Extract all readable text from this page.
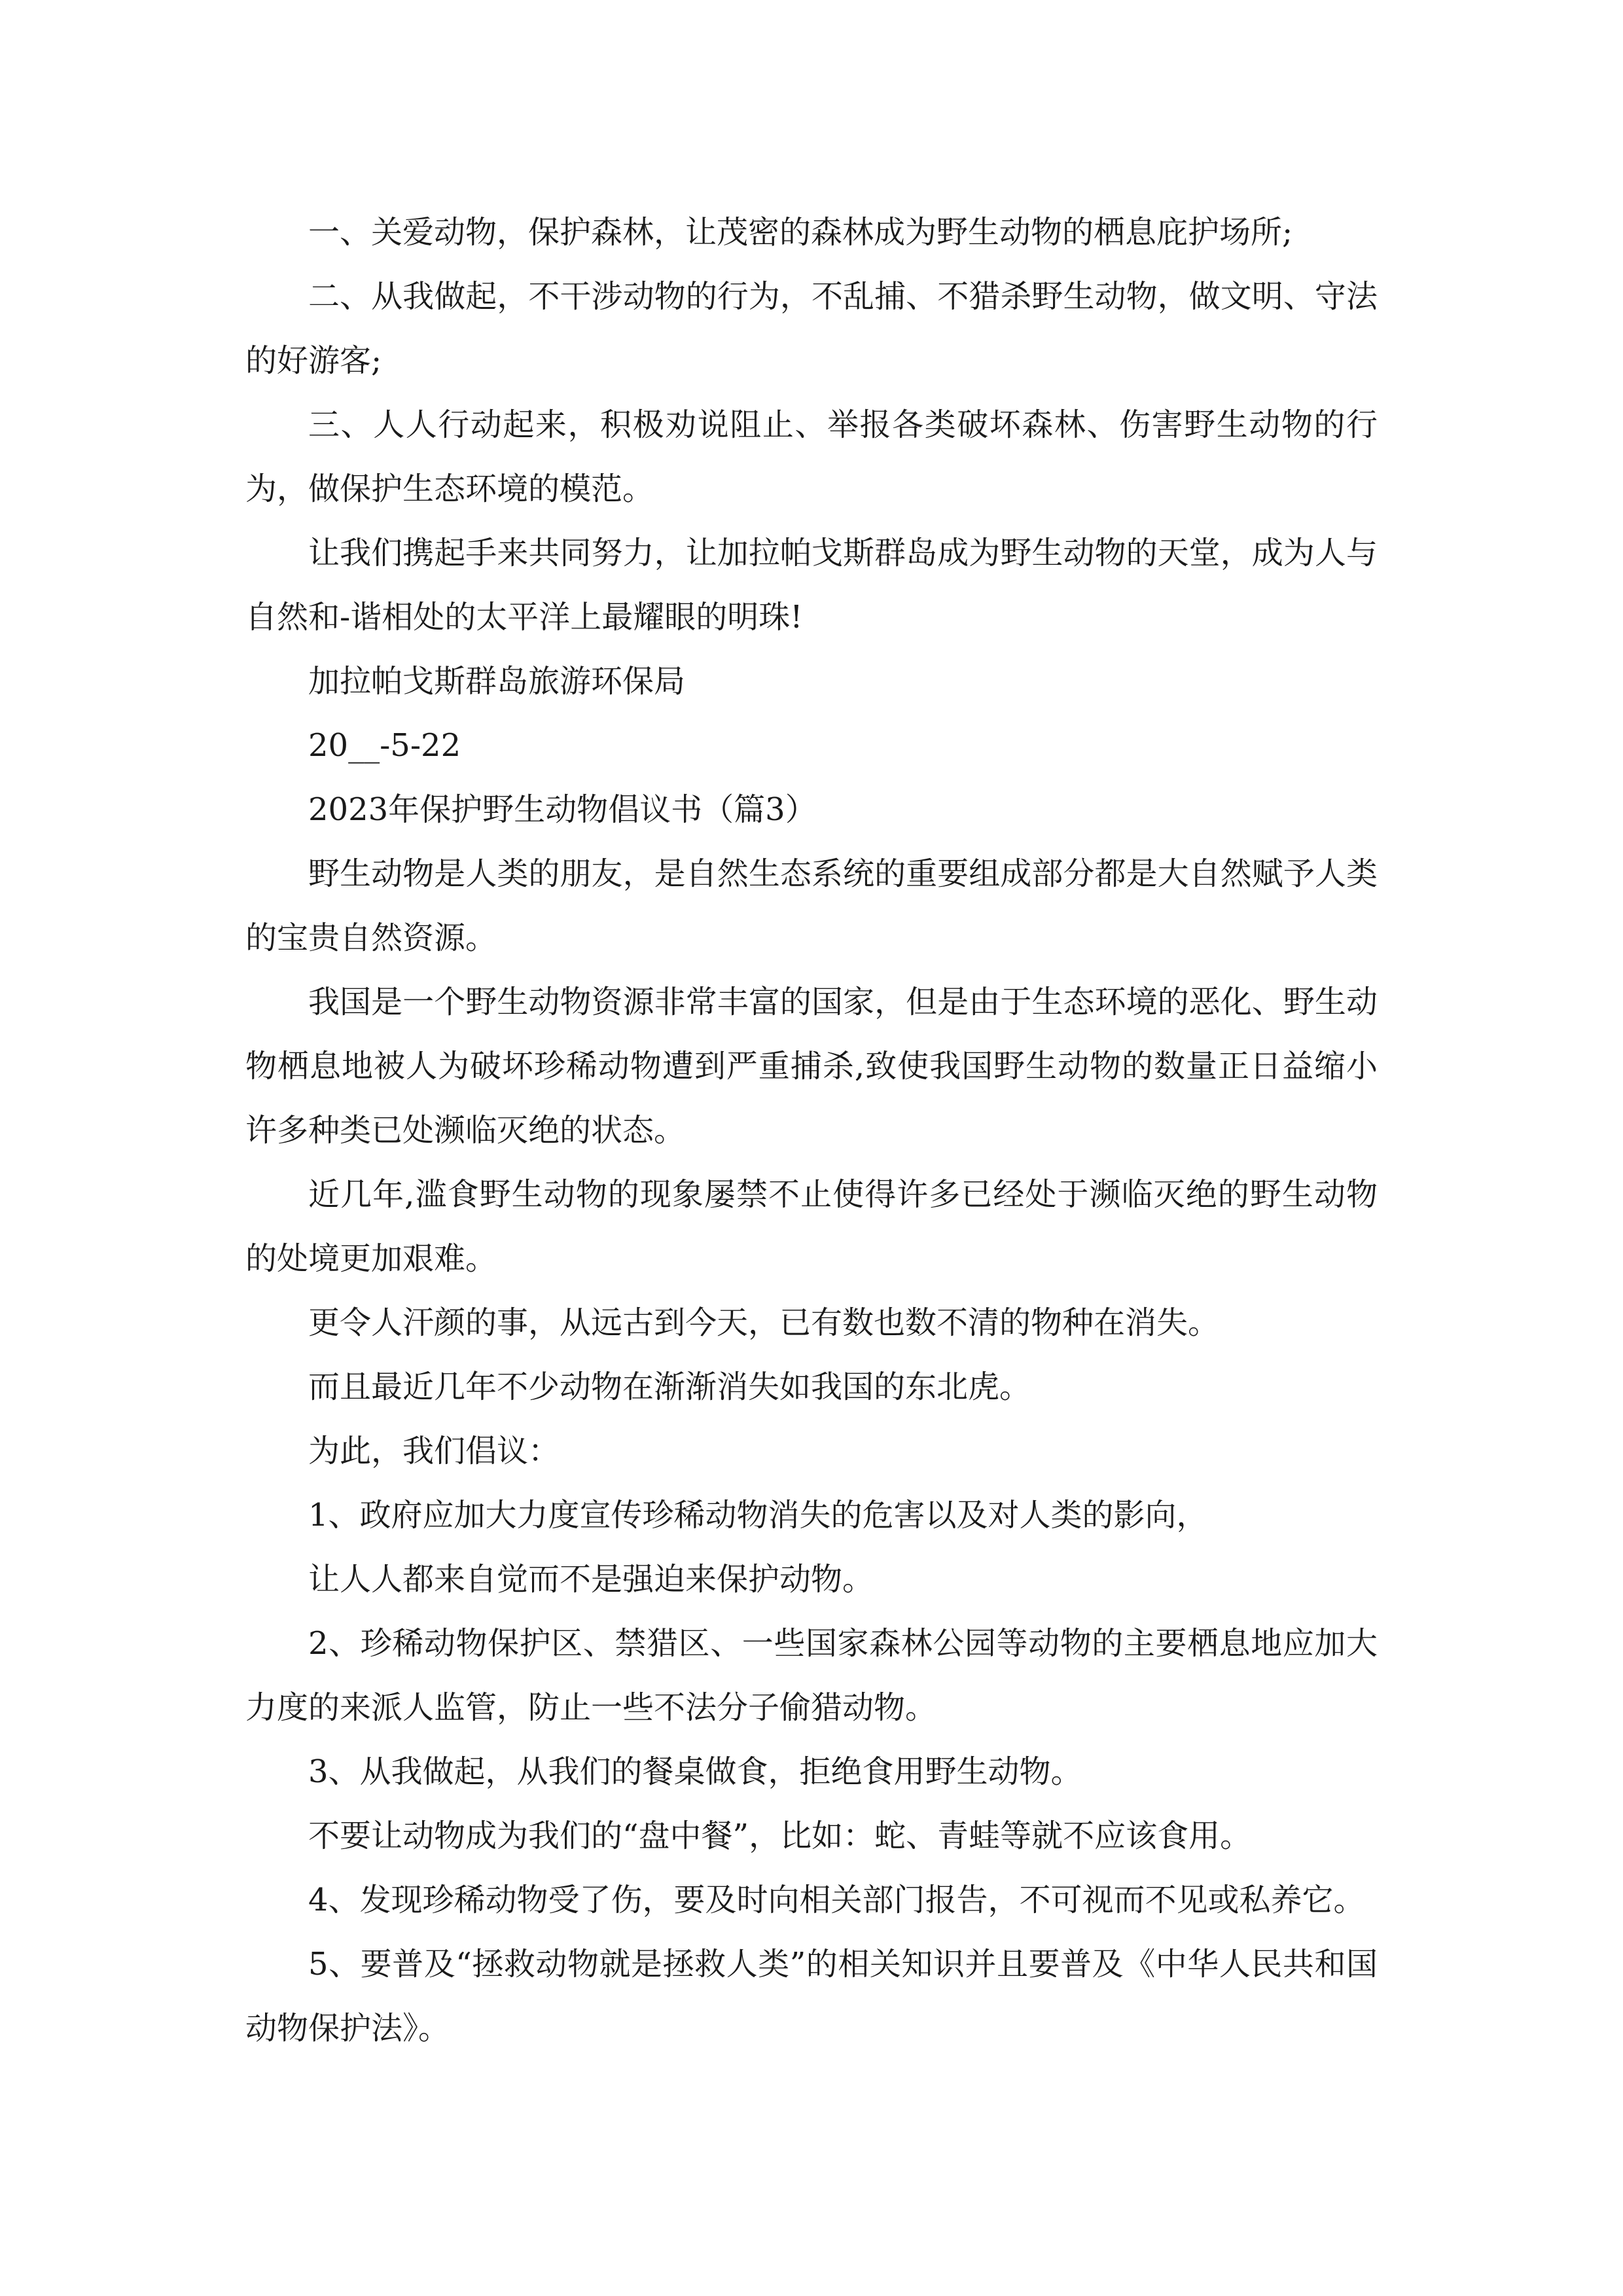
一、关爱动物，保护森林，让茂密的森林成为野生动物的栖息庇护场所;

二、从我做起，不干涉动物的行为，不乱捕、不猎杀野生动物，做文明、守法的好游客;

三、人人行动起来，积极劝说阻止、举报各类破坏森林、伤害野生动物的行为，做保护生态环境的模范。

让我们携起手来共同努力，让加拉帕戈斯群岛成为野生动物的天堂，成为人与自然和-谐相处的太平洋上最耀眼的明珠!

加拉帕戈斯群岛旅游环保局

20__-5-22

2023年保护野生动物倡议书（篇3）

野生动物是人类的朋友，是自然生态系统的重要组成部分都是大自然赋予人类的宝贵自然资源。

我国是一个野生动物资源非常丰富的国家，但是由于生态环境的恶化、野生动物栖息地被人为破坏珍稀动物遭到严重捕杀,致使我国野生动物的数量正日益缩小许多种类已处濒临灭绝的状态。

近几年,滥食野生动物的现象屡禁不止使得许多已经处于濒临灭绝的野生动物的处境更加艰难。

更令人汗颜的事，从远古到今天，已有数也数不清的物种在消失。

而且最近几年不少动物在渐渐消失如我国的东北虎。

为此，我们倡议：

1、政府应加大力度宣传珍稀动物消失的危害以及对人类的影向，

让人人都来自觉而不是强迫来保护动物。

2、珍稀动物保护区、禁猎区、一些国家森林公园等动物的主要栖息地应加大力度的来派人监管，防止一些不法分子偷猎动物。

3、从我做起，从我们的餐桌做食，拒绝食用野生动物。

不要让动物成为我们的“盘中餐”，比如：蛇、青蛙等就不应该食用。

4、发现珍稀动物受了伤，要及时向相关部门报告，不可视而不见或私养它。

5、要普及“拯救动物就是拯救人类”的相关知识并且要普及《中华人民共和国动物保护法》。
